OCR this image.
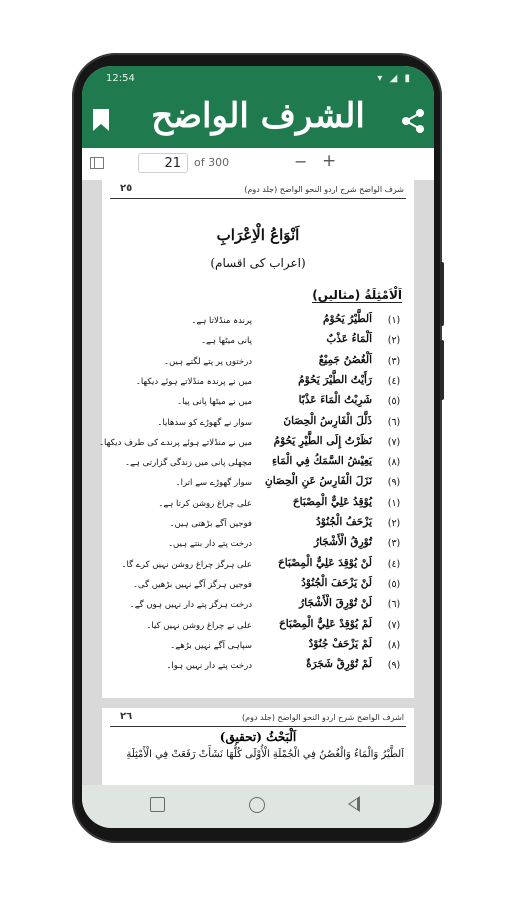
12:54	▾ ◢ ▮
الشرف الواضح
21	of 300	− +
٢٥	شرف الواضح شرح اردو النحو الواضح (جلد دوم)
اَنْوَاعُ الْاِعْرَابِ
(اعراب کی اقسام)
اَلْاَمْثِلَةُ (مثالیں)
(١)
اَلطَّيْرُ يَحُوْمُ
پرندہ منڈلاتا ہے۔
(٢)
اَلْمَاءُ عَذْبٌ
پانی میٹھا ہے۔
(٣)
اَلْغُصُنُ جَمِيْعٌ
درختوں پر پتے لگتے ہیں۔
(٤)
رَأَيْتُ الطَّيْرَ يَحُوْمُ
میں نے پرندہ منڈلاتے ہوئے دیکھا۔
(٥)
شَرِبْتُ الْمَاءَ عَذْبًا
میں نے میٹھا پانی پیا۔
(٦)
ذَلَّلَ الْفَارِسُ الْحِصَانَ
سوار نے گھوڑے کو سدھایا۔
(٧)
نَظَرْتُ إِلَى الطَّيْرِ يَحُوْمُ
میں نے منڈلاتے ہوئے پرندے کی طرف دیکھا۔
(٨)
يَعِيْشُ السَّمَكُ فِي الْمَاءِ
مچھلی پانی میں زندگی گزارتی ہے۔
(٩)
نَزَلَ الْفَارِسُ عَنِ الْحِصَانِ
سوار گھوڑے سے اترا۔
(١)
يُوْقِدُ عَلِيٌّ الْمِصْبَاحَ
علی چراغ روشن کرتا ہے۔
(٢)
يَزْحَفُ الْجُنُوْدُ
فوجیں آگے بڑھتی ہیں۔
(٣)
تُوْرِقُ الْأَشْجَارُ
درخت پتے دار بنتے ہیں۔
(٤)
لَنْ يُوْقِدَ عَلِيٌّ الْمِصْبَاحَ
علی ہرگز چراغ روشن نہیں کرے گا۔
(٥)
لَنْ يَزْحَفَ الْجُنُوْدُ
فوجیں ہرگز آگے نہیں بڑھیں گی۔
(٦)
لَنْ تُوْرِقَ الْأَشْجَارُ
درخت ہرگز پتے دار نہیں ہوں گے۔
(٧)
لَمْ يُوْقِدْ عَلِيٌّ الْمِصْبَاحَ
علی نے چراغ روشن نہیں کیا۔
(٨)
لَمْ يَزْحَفْ جُنُوْدٌ
سپاہی آگے نہیں بڑھے۔
(٩)
لَمْ تُوْرِقْ شَجَرَةٌ
درخت پتے دار نہیں ہوا۔
٢٦	اشرف الواضح شرح اردو النحو الواضح (جلد دوم)
اَلْبَحْثُ (تحقیق)
اَلطَّيْرُ وَالْمَاءُ وَالْغُصُنُ فِي الْجُمْلَةِ الْأُوْلَى كُلُّهَا نَشَأَتْ رَفَعَتْ فِي الْأَمْثِلَةِ
